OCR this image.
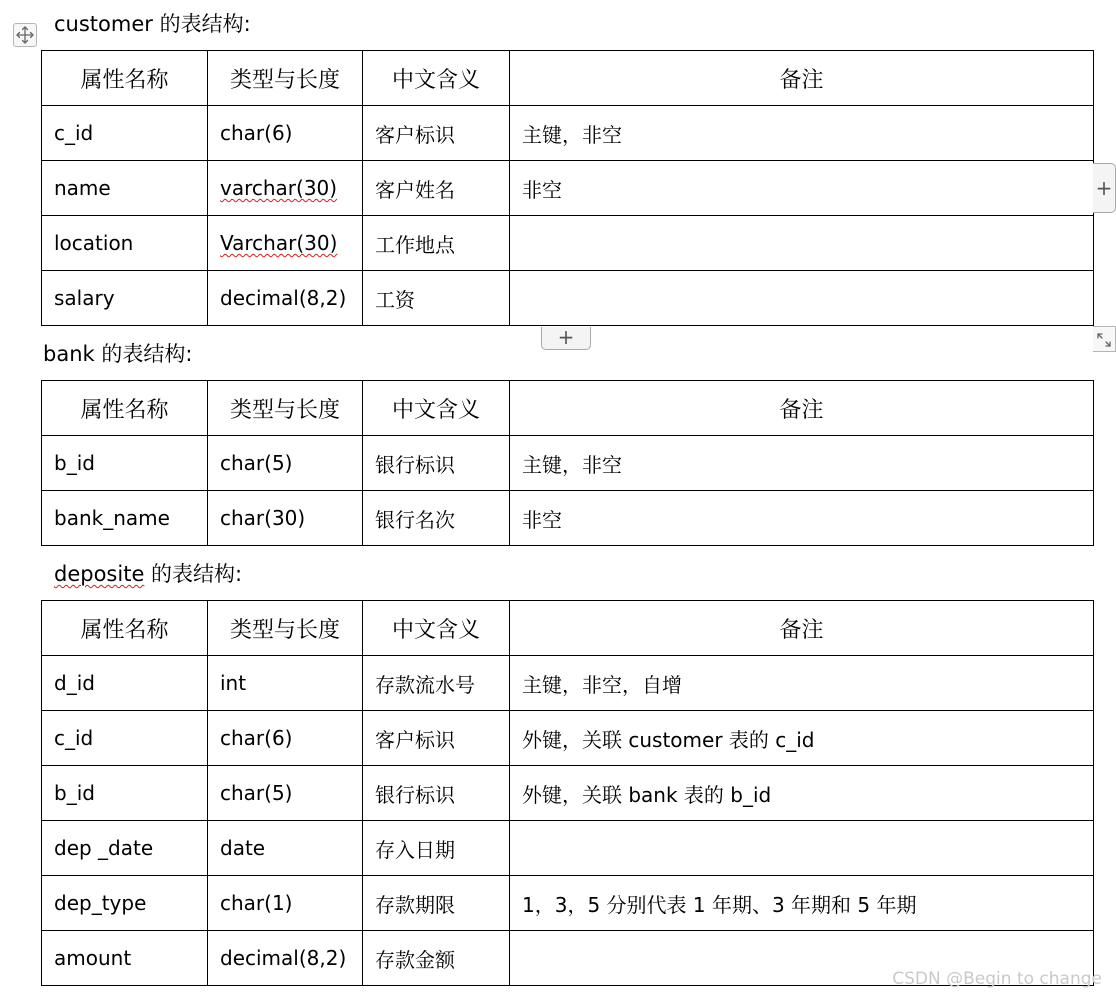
customer 的表结构:
属性名称	类型与长度	中文含义	备注
c_id	char(6)	客户标识	主键，非空
name	varchar(30)	客户姓名	非空
location	Varchar(30)	工作地点	
salary	decimal(8,2)	工资	
+
+
bank 的表结构:
属性名称	类型与长度	中文含义	备注
b_id	char(5)	银行标识	主键，非空
bank_name	char(30)	银行名次	非空
deposite 的表结构:
属性名称	类型与长度	中文含义	备注
d_id	int	存款流水号	主键，非空，自增
c_id	char(6)	客户标识	外键，关联 customer 表的 c_id
b_id	char(5)	银行标识	外键，关联 bank 表的 b_id
dep _date	date	存入日期	
dep_type	char(1)	存款期限	1，3，5 分别代表 1 年期、3 年期和 5 年期
amount	decimal(8,2)	存款金额	
CSDN @Begin to change
